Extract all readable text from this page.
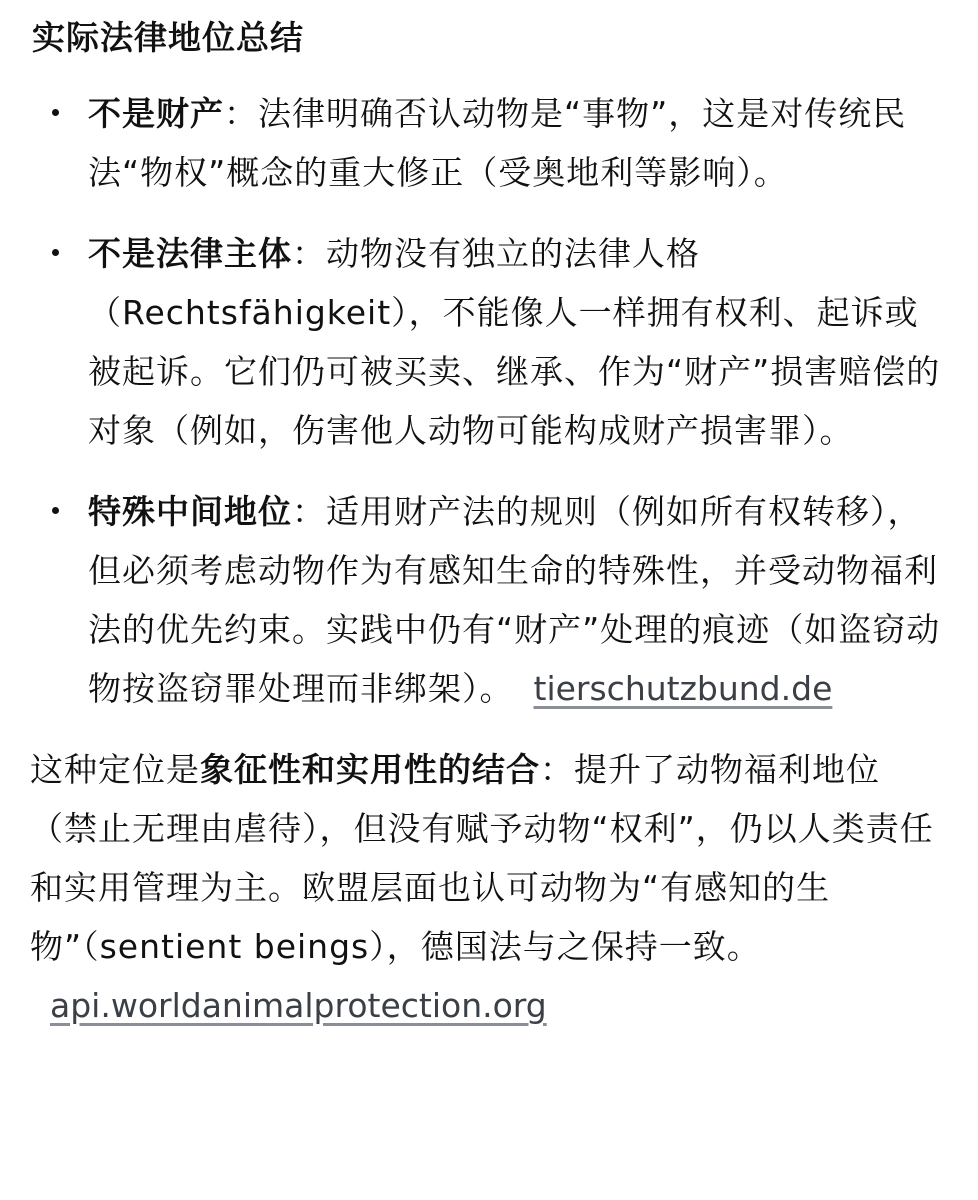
实际法律地位总结
不是财产：法律明确否认动物是“事物”，这是对传统民法“物权”概念的重大修正（受奥地利等影响）。
不是法律主体：动物没有独立的法律人格（Rechtsfähigkeit），不能像人一样拥有权利、起诉或被起诉。它们仍可被买卖、继承、作为“财产”损害赔偿的对象（例如，伤害他人动物可能构成财产损害罪）。
特殊中间地位：适用财产法的规则（例如所有权转移），但必须考虑动物作为有感知生命的特殊性，并受动物福利法的优先约束。实践中仍有“财产”处理的痕迹（如盗窃动物按盗窃罪处理而非绑架）。 tierschutzbund.de

这种定位是象征性和实用性的结合：提升了动物福利地位（禁止无理由虐待），但没有赋予动物“权利”，仍以人类责任和实用管理为主。欧盟层面也认可动物为“有感知的生物”（sentient beings），德国法与之保持一致。api.worldanimalprotection.org
